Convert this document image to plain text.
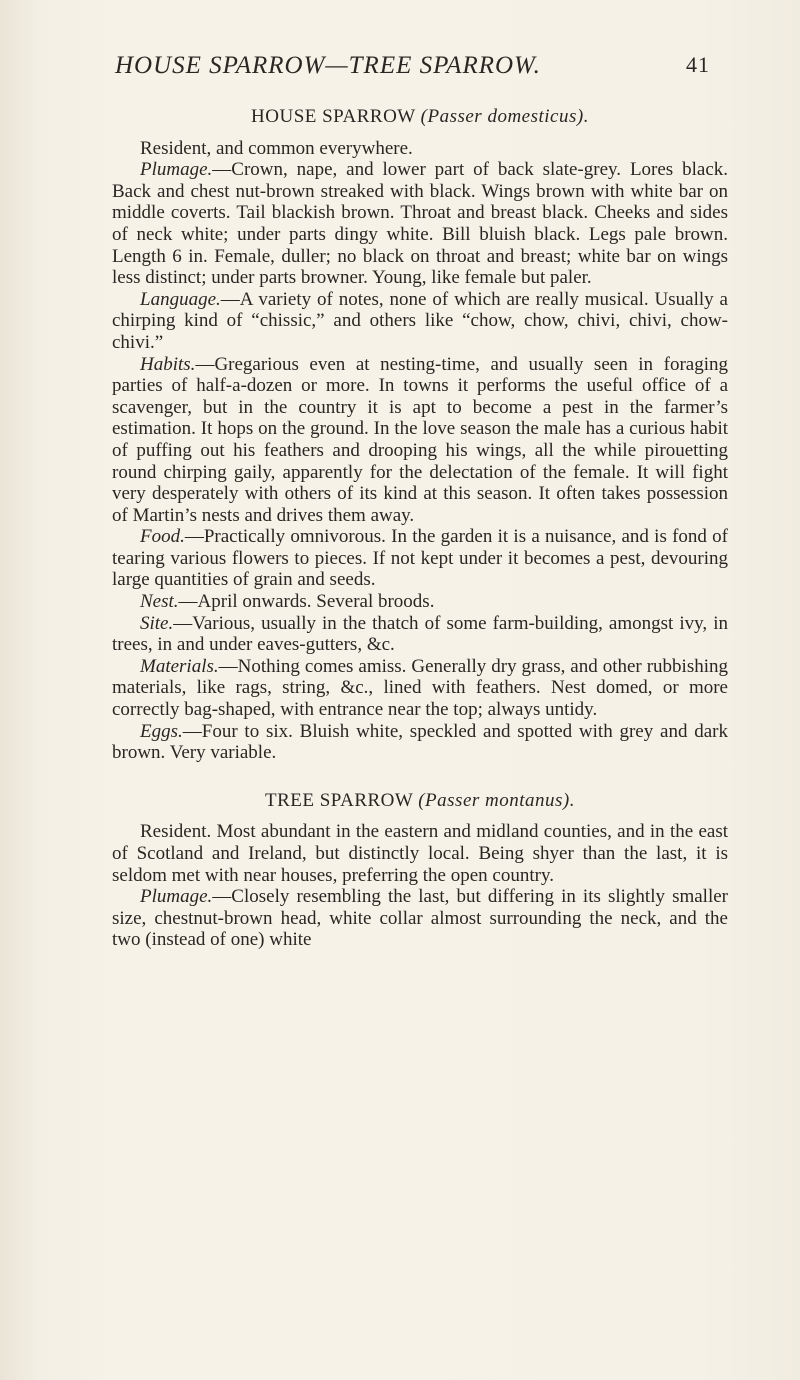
HOUSE SPARROW—TREE SPARROW.	41
HOUSE SPARROW (Passer domesticus).

Resident, and common everywhere.

Plumage.—Crown, nape, and lower part of back slate-grey. Lores black. Back and chest nut-brown streaked with black. Wings brown with white bar on middle coverts. Tail blackish brown. Throat and breast black. Cheeks and sides of neck white; under parts dingy white. Bill bluish black. Legs pale brown. Length 6 in. Female, duller; no black on throat and breast; white bar on wings less distinct; under parts browner. Young, like female but paler.

Language.—A variety of notes, none of which are really musical. Usually a chirping kind of “chissic,” and others like “chow, chow, chivi, chivi, chow-chivi.”

Habits.—Gregarious even at nesting-time, and usually seen in foraging parties of half-a-dozen or more. In towns it performs the useful office of a scavenger, but in the country it is apt to become a pest in the farmer’s estimation. It hops on the ground. In the love season the male has a curious habit of puffing out his feathers and drooping his wings, all the while pirouetting round chirping gaily, apparently for the delectation of the female. It will fight very desperately with others of its kind at this season. It often takes possession of Martin’s nests and drives them away.

Food.—Practically omnivorous. In the garden it is a nuisance, and is fond of tearing various flowers to pieces. If not kept under it becomes a pest, devouring large quantities of grain and seeds.

Nest.—April onwards. Several broods.

Site.—Various, usually in the thatch of some farm-building, amongst ivy, in trees, in and under eaves-gutters, &c.

Materials.—Nothing comes amiss. Generally dry grass, and other rubbishing materials, like rags, string, &c., lined with feathers. Nest domed, or more correctly bag-shaped, with entrance near the top; always untidy.

Eggs.—Four to six. Bluish white, speckled and spotted with grey and dark brown. Very variable.

TREE SPARROW (Passer montanus).

Resident. Most abundant in the eastern and midland counties, and in the east of Scotland and Ireland, but distinctly local. Being shyer than the last, it is seldom met with near houses, preferring the open country.

Plumage.—Closely resembling the last, but differing in its slightly smaller size, chestnut-brown head, white collar almost surrounding the neck, and the two (instead of one) white
